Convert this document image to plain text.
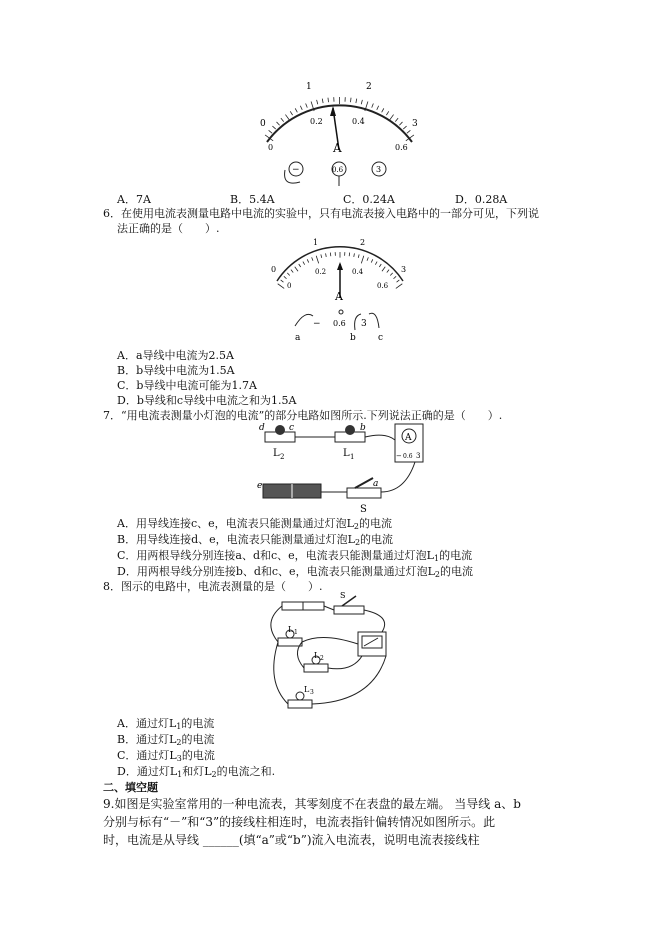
0
1	2
3
0
0.2	0.4
0.6
A
−	0.6	3
A．7A	B．5.4A	C．0.24A	D．0.28A
6．在使用电流表测量电路中电流的实验中，只有电流表接入电路中的一部分可见，下列说
法正确的是（　　）.
0
1	2
3
0
0.2	0.4
0.6
A
− 0.6 3
a	b c
A．a导线中电流为2.5A
B．b导线中电流为1.5A
C．b导线中电流可能为1.7A
D．b导线和c导线中电流之和为1.5A
7．“用电流表测量小灯泡的电流”的部分电路如图所示.下列说法正确的是（　　）.
d	c
L 2
b
L 1
A
− 0.6 3
e	a
S
A．用导线连接c、e，电流表只能测量通过灯泡$L_2$的电流
B．用导线连接d、e，电流表只能测量通过灯泡$L_2$的电流
C．用两根导线分别连接a、d和c、e，电流表只能测量通过灯泡$L_1$的电流
D．用两根导线分别连接b、d和c、e，电流表只能测量通过灯泡$L_2$的电流
8．图示的电路中，电流表测量的是（　　）.
S
L 1
L 2
L 3
A．通过灯$L_1$的电流
B．通过灯$L_2$的电流
C．通过灯$L_3$的电流
D．通过灯$L_1$和灯$L_2$的电流之和.
二、填空题
9.如图是实验室常用的一种电流表，其零刻度不在表盘的最左端。 当导线 a、b
分别与标有“－”和“3”的接线柱相连时，电流表指针偏转情况如图所示。此
时，电流是从导线 ______(填“a”或“b”)流入电流表，说明电流表接线柱
